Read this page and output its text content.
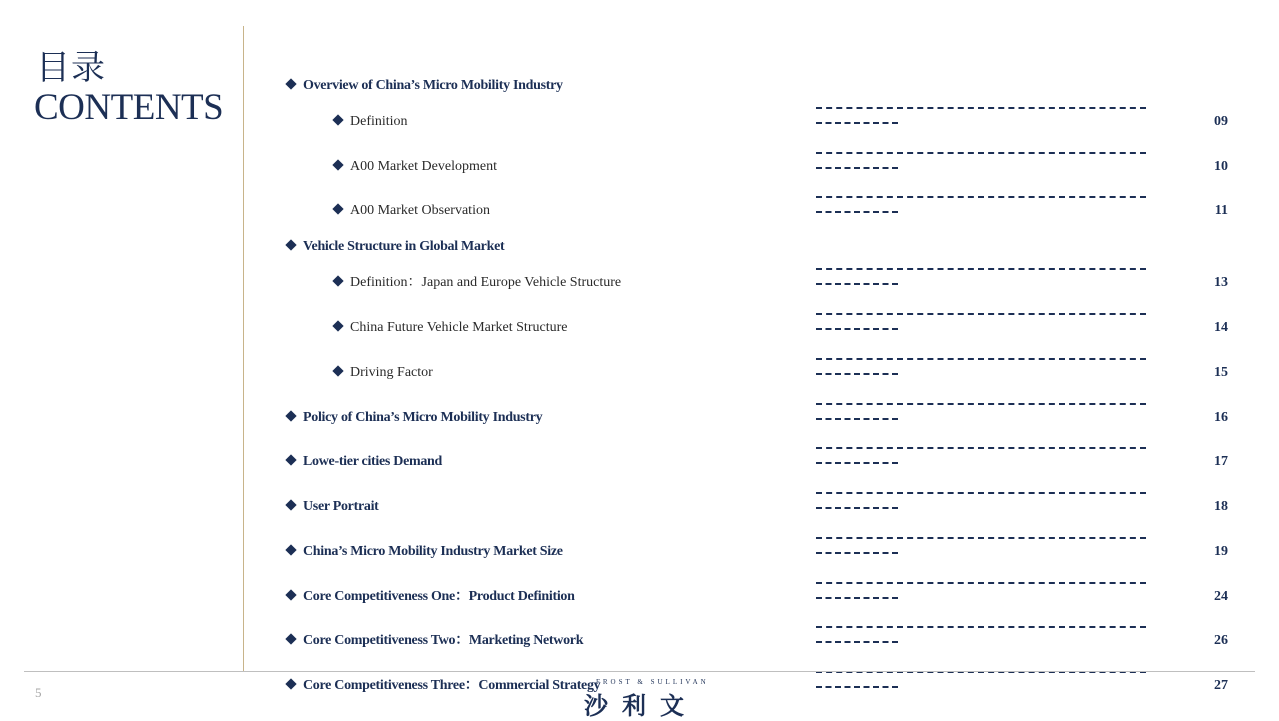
目录
CONTENTS
Overview of China’s Micro Mobility Industry
Definition	09
A00 Market Development	10
A00 Market Observation	11
Vehicle Structure in Global Market
Definition：Japan and Europe Vehicle Structure	13
China Future Vehicle Market Structure	14
Driving Factor	15
Policy of China’s Micro Mobility Industry	16
Lowe-tier cities Demand	17
User Portrait	18
China’s Micro Mobility Industry Market Size	19
Core Competitiveness One：Product Definition	24
Core Competitiveness Two：Marketing Network	26
Core Competitiveness Three：Commercial Strategy	27
5
FROST & SULLIVAN
沙利文
